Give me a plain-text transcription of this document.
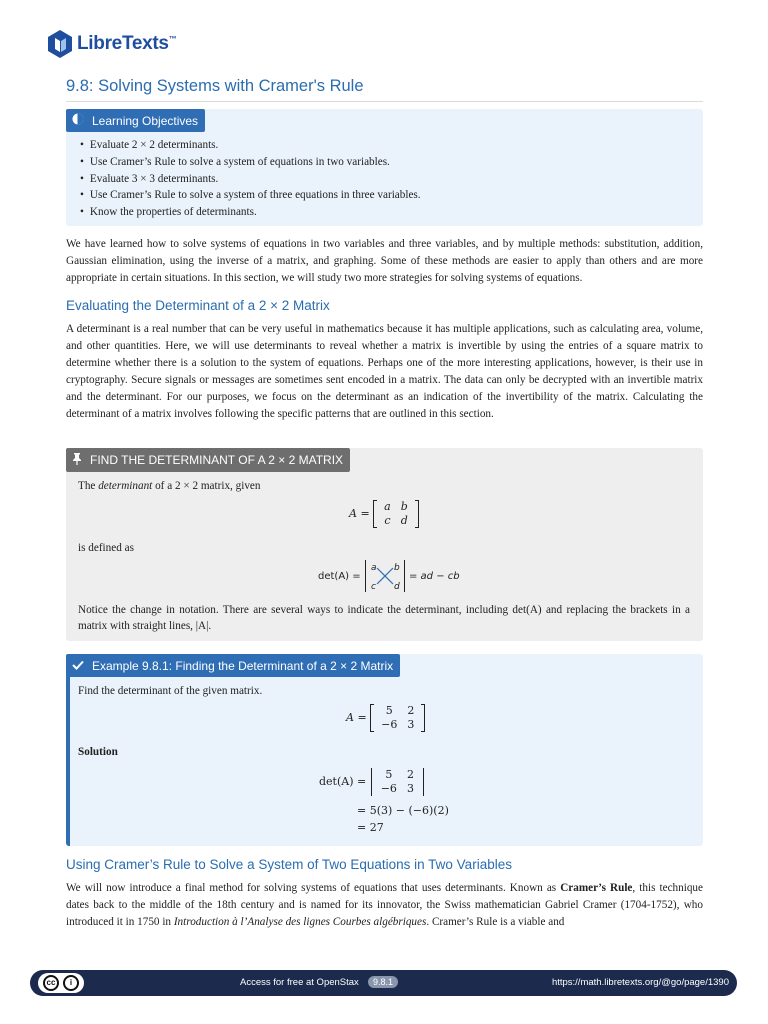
LibreTexts™
9.8: Solving Systems with Cramer's Rule
Learning Objectives
• Evaluate 2 × 2 determinants.
• Use Cramer’s Rule to solve a system of equations in two variables.
• Evaluate 3 × 3 determinants.
• Use Cramer’s Rule to solve a system of three equations in three variables.
• Know the properties of determinants.

We have learned how to solve systems of equations in two variables and three variables, and by multiple methods: substitution, addition, Gaussian elimination, using the inverse of a matrix, and graphing. Some of these methods are easier to apply than others and are more appropriate in certain situations. In this section, we will study two more strategies for solving systems of equations.

Evaluating the Determinant of a 2 × 2 Matrix

A determinant is a real number that can be very useful in mathematics because it has multiple applications, such as calculating area, volume, and other quantities. Here, we will use determinants to reveal whether a matrix is invertible by using the entries of a square matrix to determine whether there is a solution to the system of equations. Perhaps one of the more interesting applications, however, is their use in cryptography. Secure signals or messages are sometimes sent encoded in a matrix. The data can only be decrypted with an invertible matrix and the determinant. For our purposes, we focus on the determinant as an indication of the invertibility of the matrix. Calculating the determinant of a matrix involves following the specific patterns that are outlined in this section.

FIND THE DETERMINANT OF A 2 × 2 MATRIX
The determinant of a 2 × 2 matrix, given
A =
a	b
c	d
is defined as
det(A) =
a b
c d
= ad − cb

Notice the change in notation. There are several ways to indicate the determinant, including det(A) and replacing the brackets in a matrix with straight lines, |A|.

Example 9.8.1: Finding the Determinant of a 2 × 2 Matrix
Find the determinant of the given matrix.
A =
5	2
−6	3
Solution
det(A) =
5	2
−6	3
= 5(3) − (−6)(2)
= 27
Using Cramer’s Rule to Solve a System of Two Equations in Two Variables

We will now introduce a final method for solving systems of equations that uses determinants. Known as Cramer’s Rule, this technique dates back to the middle of the 18th century and is named for its innovator, the Swiss mathematician Gabriel Cramer (1704-1752), who introduced it in 1750 in Introduction à l’Analyse des lignes Courbes algébriques. Cramer’s Rule is a viable and

cc	i	Access for free at OpenStax	9.8.1	https://math.libretexts.org/@go/page/1390
